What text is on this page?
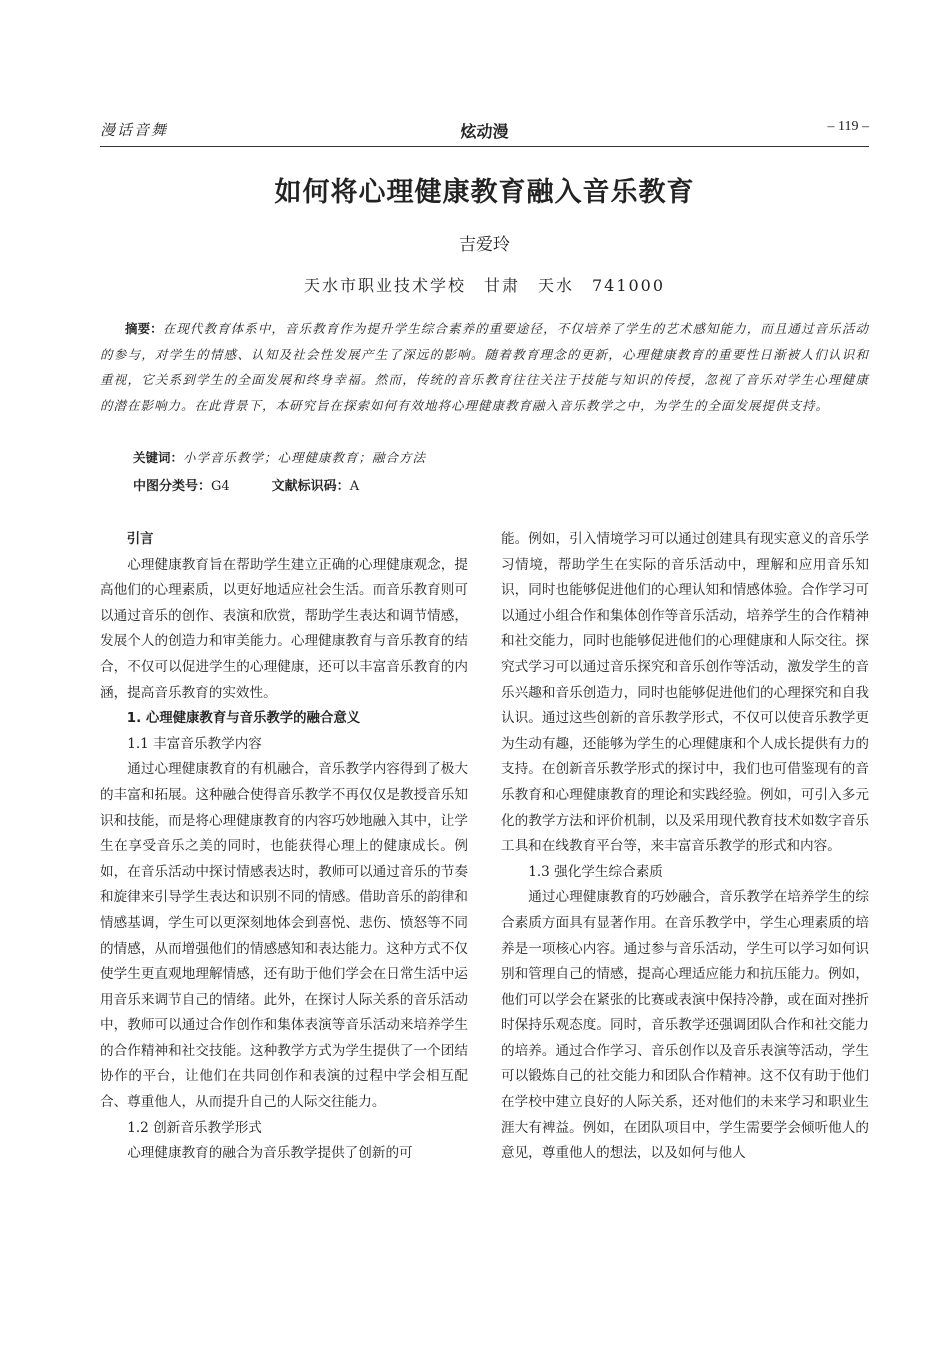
漫话音舞	炫动漫	– 119 –
如何将心理健康教育融入音乐教育
吉爱玲
天水市职业技术学校　甘肃　天水　741000
摘要：在现代教育体系中，音乐教育作为提升学生综合素养的重要途径，不仅培养了学生的艺术感知能力，而且通过音乐活动的参与，对学生的情感、认知及社会性发展产生了深远的影响。随着教育理念的更新，心理健康教育的重要性日渐被人们认识和重视，它关系到学生的全面发展和终身幸福。然而，传统的音乐教育往往关注于技能与知识的传授，忽视了音乐对学生心理健康的潜在影响力。在此背景下，本研究旨在探索如何有效地将心理健康教育融入音乐教学之中，为学生的全面发展提供支持。
关键词：小学音乐教学；心理健康教育；融合方法
中图分类号：G4	文献标识码：A

引言

心理健康教育旨在帮助学生建立正确的心理健康观念，提高他们的心理素质，以更好地适应社会生活。而音乐教育则可以通过音乐的创作、表演和欣赏，帮助学生表达和调节情感，发展个人的创造力和审美能力。心理健康教育与音乐教育的结合，不仅可以促进学生的心理健康，还可以丰富音乐教育的内涵，提高音乐教育的实效性。

1. 心理健康教育与音乐教学的融合意义

1.1 丰富音乐教学内容

通过心理健康教育的有机融合，音乐教学内容得到了极大的丰富和拓展。这种融合使得音乐教学不再仅仅是教授音乐知识和技能，而是将心理健康教育的内容巧妙地融入其中，让学生在享受音乐之美的同时，也能获得心理上的健康成长。例如，在音乐活动中探讨情感表达时，教师可以通过音乐的节奏和旋律来引导学生表达和识别不同的情感。借助音乐的韵律和情感基调，学生可以更深刻地体会到喜悦、悲伤、愤怒等不同的情感，从而增强他们的情感感知和表达能力。这种方式不仅使学生更直观地理解情感，还有助于他们学会在日常生活中运用音乐来调节自己的情绪。此外，在探讨人际关系的音乐活动中，教师可以通过合作创作和集体表演等音乐活动来培养学生的合作精神和社交技能。这种教学方式为学生提供了一个团结协作的平台，让他们在共同创作和表演的过程中学会相互配合、尊重他人，从而提升自己的人际交往能力。

1.2 创新音乐教学形式

心理健康教育的融合为音乐教学提供了创新的可

能。例如，引入情境学习可以通过创建具有现实意义的音乐学习情境，帮助学生在实际的音乐活动中，理解和应用音乐知识，同时也能够促进他们的心理认知和情感体验。合作学习可以通过小组合作和集体创作等音乐活动，培养学生的合作精神和社交能力，同时也能够促进他们的心理健康和人际交往。探究式学习可以通过音乐探究和音乐创作等活动，激发学生的音乐兴趣和音乐创造力，同时也能够促进他们的心理探究和自我认识。通过这些创新的音乐教学形式，不仅可以使音乐教学更为生动有趣，还能够为学生的心理健康和个人成长提供有力的支持。在创新音乐教学形式的探讨中，我们也可借鉴现有的音乐教育和心理健康教育的理论和实践经验。例如，可引入多元化的教学方法和评价机制，以及采用现代教育技术如数字音乐工具和在线教育平台等，来丰富音乐教学的形式和内容。

1.3 强化学生综合素质

通过心理健康教育的巧妙融合，音乐教学在培养学生的综合素质方面具有显著作用。在音乐教学中，学生心理素质的培养是一项核心内容。通过参与音乐活动，学生可以学习如何识别和管理自己的情感，提高心理适应能力和抗压能力。例如，他们可以学会在紧张的比赛或表演中保持冷静，或在面对挫折时保持乐观态度。同时，音乐教学还强调团队合作和社交能力的培养。通过合作学习、音乐创作以及音乐表演等活动，学生可以锻炼自己的社交能力和团队合作精神。这不仅有助于他们在学校中建立良好的人际关系，还对他们的未来学习和职业生涯大有裨益。例如，在团队项目中，学生需要学会倾听他人的意见，尊重他人的想法，以及如何与他人
